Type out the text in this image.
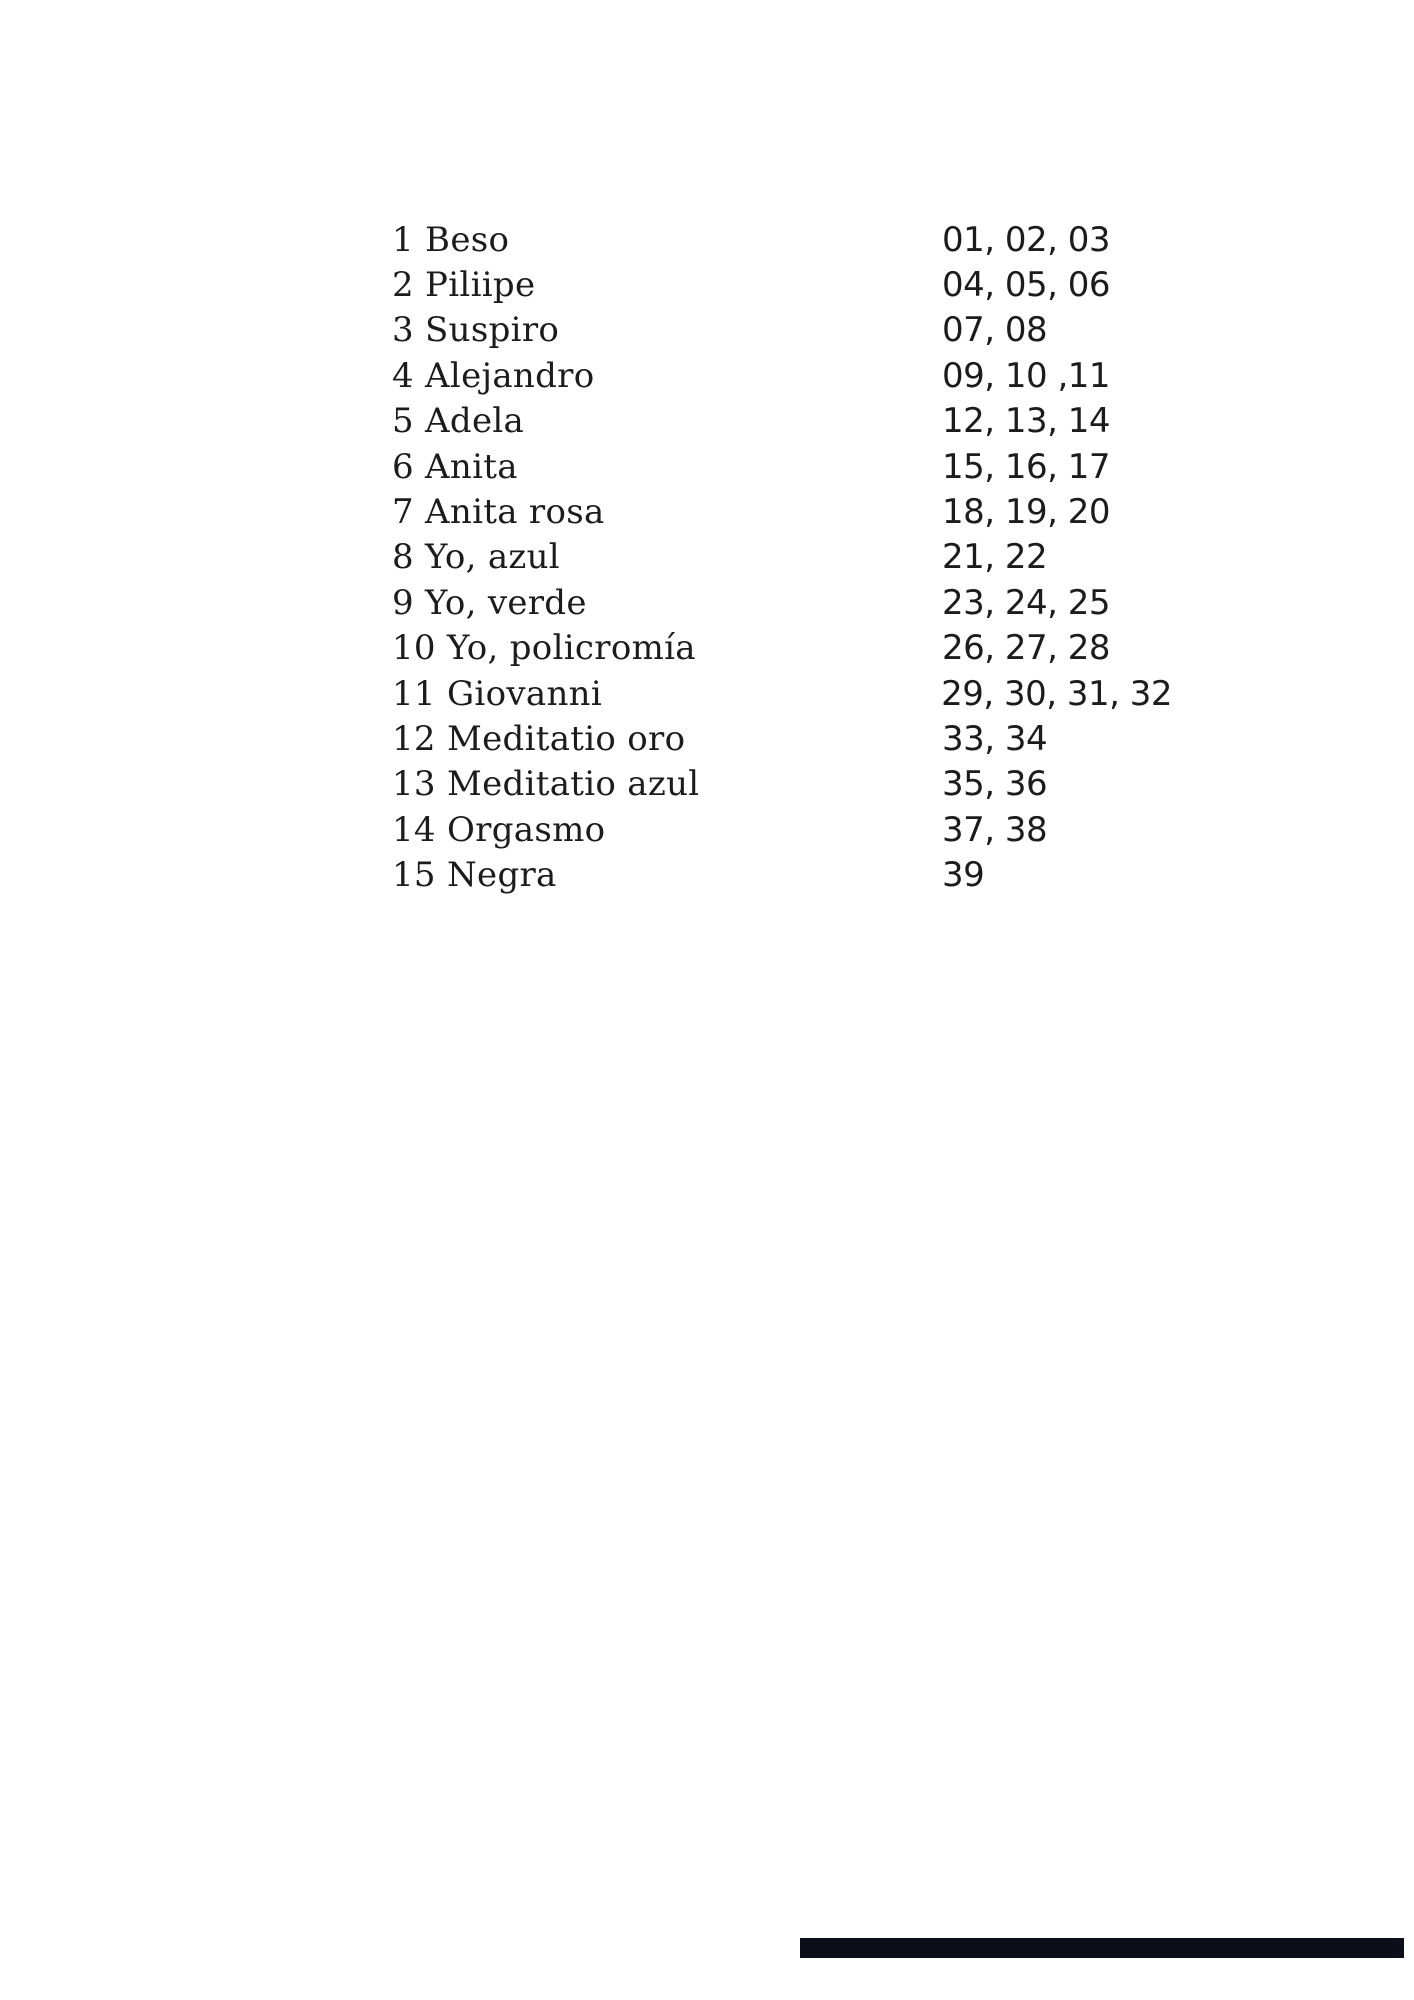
1 Beso	01, 02, 03
2 Piliipe	04, 05, 06
3 Suspiro	07, 08
4 Alejandro	09, 10 ,11
5 Adela	12, 13, 14
6 Anita	15, 16, 17
7 Anita rosa	18, 19, 20
8 Yo, azul	21, 22
9 Yo, verde	23, 24, 25
10 Yo, policromía	26, 27, 28
11 Giovanni	29, 30, 31, 32
12 Meditatio oro	33, 34
13 Meditatio azul	35, 36
14 Orgasmo	37, 38
15 Negra	39
